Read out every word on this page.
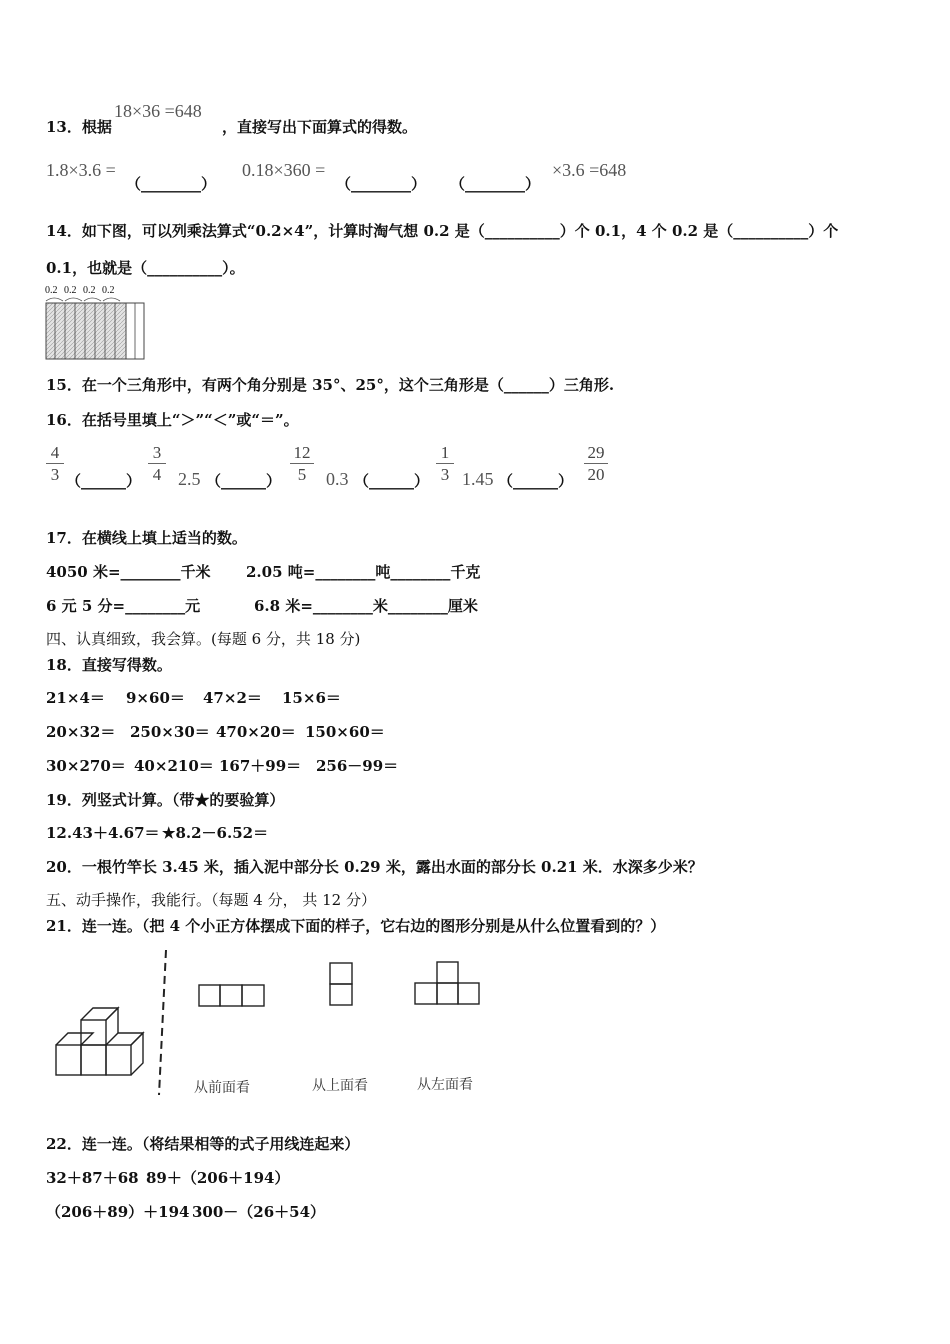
13．根据
18×36 =648
，直接写出下面算式的得数。
1.8×3.6 =
（________）
0.18×360 =
（________） （________）
×3.6 =648
14．如下图，可以列乘法算式“0.2×4”，计算时淘气想 0.2 是（__________）个 0.1，4 个 0.2 是（__________）个
0.1，也就是（__________）。
0.2 0.2 0.2 0.2
15．在一个三角形中，有两个角分别是 35°、25°，这个三角形是（______）三角形.
16．在括号里填上“＞”“＜”或“＝”。
4
3 （______）
3
4 2.5 （______）
12
5	0.3 （______）
1
3 1.45 （______）
29
20
17．在横线上填上适当的数。
4050 米=________千米 2.05 吨=________吨________千克
6 元 5 分=________元	6.8 米=________米________厘米
四、认真细致，我会算。(每题 6 分，共 18 分)
18．直接写得数。
21×4＝ 9×60＝ 47×2＝ 15×6＝
20×32＝ 250×30＝ 470×20＝ 150×60＝
30×270＝ 40×210＝ 167＋99＝ 256－99＝
19．列竖式计算。（带★的要验算）
12.43＋4.67＝ ★8.2－6.52＝
20．一根竹竿长 3.45 米，插入泥中部分长 0.29 米，露出水面的部分长 0.21 米．水深多少米？
五、动手操作，我能行。（每题 4 分， 共 12 分）
21．连一连。（把 4 个小正方体摆成下面的样子，它右边的图形分别是从什么位置看到的？）
从前面看	从上面看	从左面看
22．连一连。（将结果相等的式子用线连起来）
32＋87＋68 89＋（206＋194）
（206＋89）＋194 300－（26＋54）
